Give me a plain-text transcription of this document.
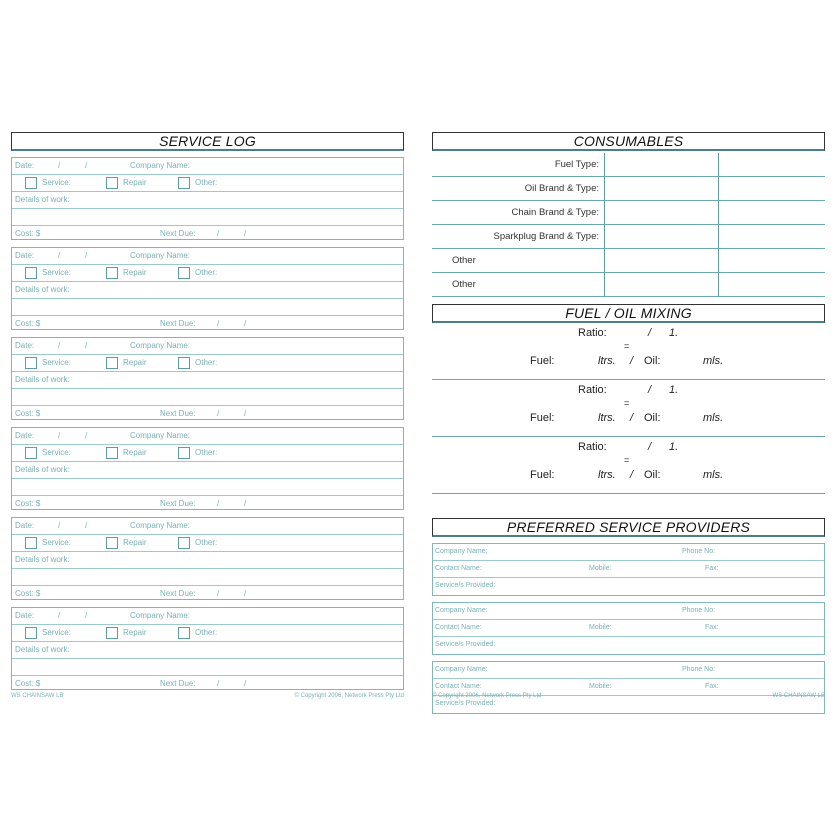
SERVICE LOG
Date:	/	/	Company Name:
Service:	Repair	Other:
Details of work:
Cost: $	Next Due:	/	/
Date:	/	/	Company Name:
Service:	Repair	Other:
Details of work:
Cost: $	Next Due:	/	/
Date:	/	/	Company Name:
Service:	Repair	Other:
Details of work:
Cost: $	Next Due:	/	/
Date:	/	/	Company Name:
Service:	Repair	Other:
Details of work:
Cost: $	Next Due:	/	/
Date:	/	/	Company Name:
Service:	Repair	Other:
Details of work:
Cost: $	Next Due:	/	/
Date:	/	/	Company Name:
Service:	Repair	Other:
Details of work:
Cost: $	Next Due:	/	/
WS CHAINSAW LB	© Copyright 2006, Network Press Pty Ltd
CONSUMABLES
Fuel Type:
Oil Brand & Type:
Chain Brand & Type:
Sparkplug Brand & Type:
Other
Other
FUEL / OIL MIXING
Ratio:	/ 1.
=
Fuel:	ltrs. / Oil:	mls.
Ratio:	/ 1.
=
Fuel:	ltrs. / Oil:	mls.
Ratio:	/ 1.
=
Fuel:	ltrs. / Oil:	mls.
PREFERRED SERVICE PROVIDERS
Company Name:	Phone No:
Contact Name:	Mobile:	Fax:
Service/s Provided:
Company Name:	Phone No:
Contact Name:	Mobile:	Fax:
Service/s Provided:
Company Name:	Phone No:
Contact Name:	Mobile:	Fax:
Service/s Provided:
© Copyright 2006, Network Press Pty Ltd	WS CHAINSAW LB
